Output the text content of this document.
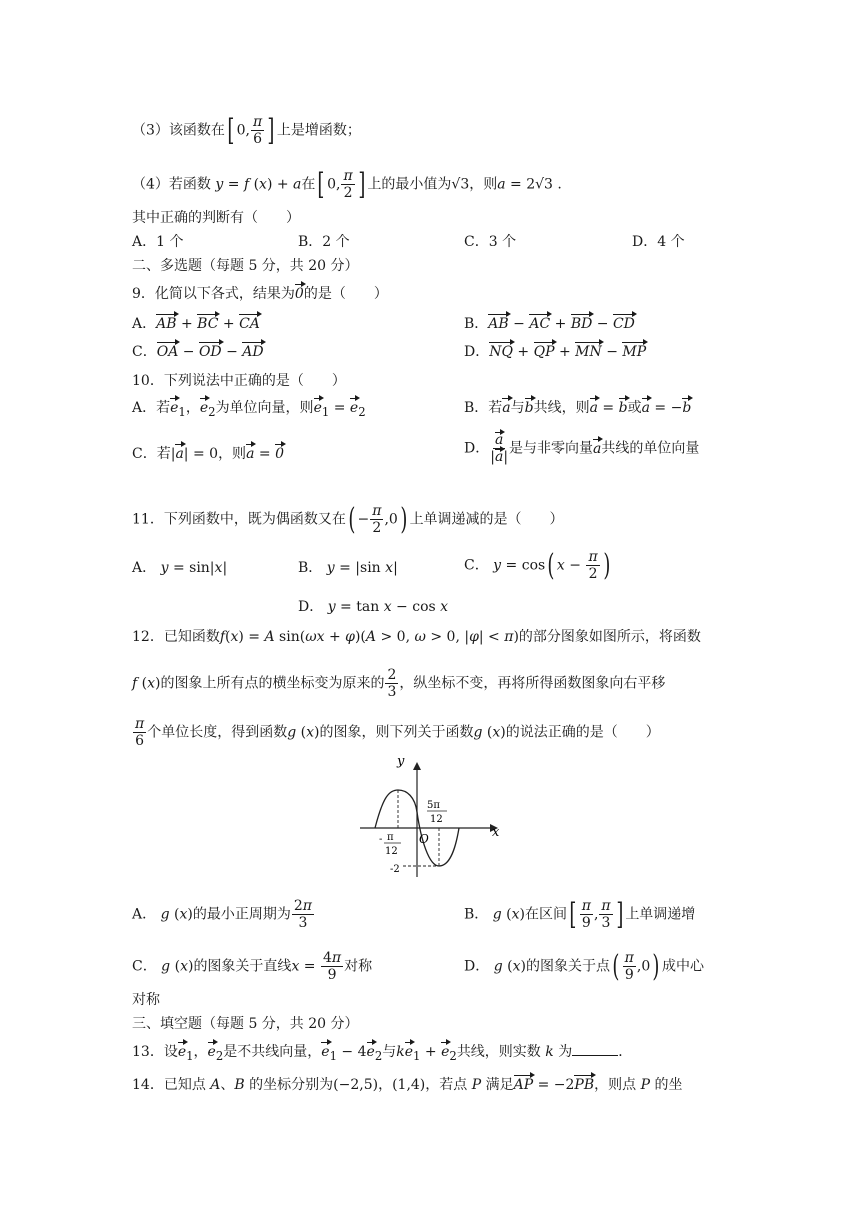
（3）该函数在[ 0, $\frac{\pi}{6}$ ] 上是增函数；
（4）若函数 y = f (x) + a在[ 0, $\frac{\pi}{2}$ ] 上的最小值为√3，则a = 2√3 .
其中正确的判断有（　　）
A．1 个	B．2 个	C．3 个	D．4 个
二、多选题（每题 5 分，共 20 分）
9．化简以下各式，结果为0的是（　　）
A．AB + BC + CA	B．AB − AC + BD − CD
C．OA − OD − AD	D．NQ + QP + MN − MP
10．下列说法中正确的是（　　）
A．若$e_1$，$e_2$为单位向量，则$e_1 = e_2$	B．若a与b共线，则a = b或a = −b
C．若|a| = 0，则a = 0	D． $\frac{a}{|a|}$ 是与非零向量a共线的单位向量
11．下列函数中，既为偶函数又在( − $\frac{\pi}{2} ,0$) 上单调递减的是（　　）
A． y = sin|x|	B． y = |sin x|	C． y = cos( $x - \frac{\pi}{2}$ )
D． y = tan x − cos x
12．已知函数f(x) = A sin(ωx + φ)(A > 0, ω > 0, |φ| < π)的部分图象如图所示，将函数
f (x)的图象上所有点的横坐标变为原来的 $\frac{2}{3}$ ，纵坐标不变，再将所得函数图象向右平移
$\frac{\pi}{6}$ 个单位长度，得到函数g (x)的图象，则下列关于函数g (x)的说法正确的是（　　）
y
x
O
5π
12
- π
12
-2
A． g (x)的最小正周期为 $\frac{2\pi}{3}$	B． g (x)在区间[ $\frac{\pi}{9}$ , $\frac{\pi}{3}$ ] 上单调递增
C． g (x)的图象关于直线$x = \frac{4\pi}{9}$ 对称	D． g (x)的图象关于点( $\frac{\pi}{9} ,0$) 成中心
对称
三、填空题（每题 5 分，共 20 分）
13．设$e_1$，$e_2$是不共线向量，$e_1 - 4e_2$与$ke_1 + e_2$共线，则实数 k 为	．
14．已知点 A、B 的坐标分别为(−2,5)，(1,4)，若点 P 满足AP = −2PB，则点 P 的坐
